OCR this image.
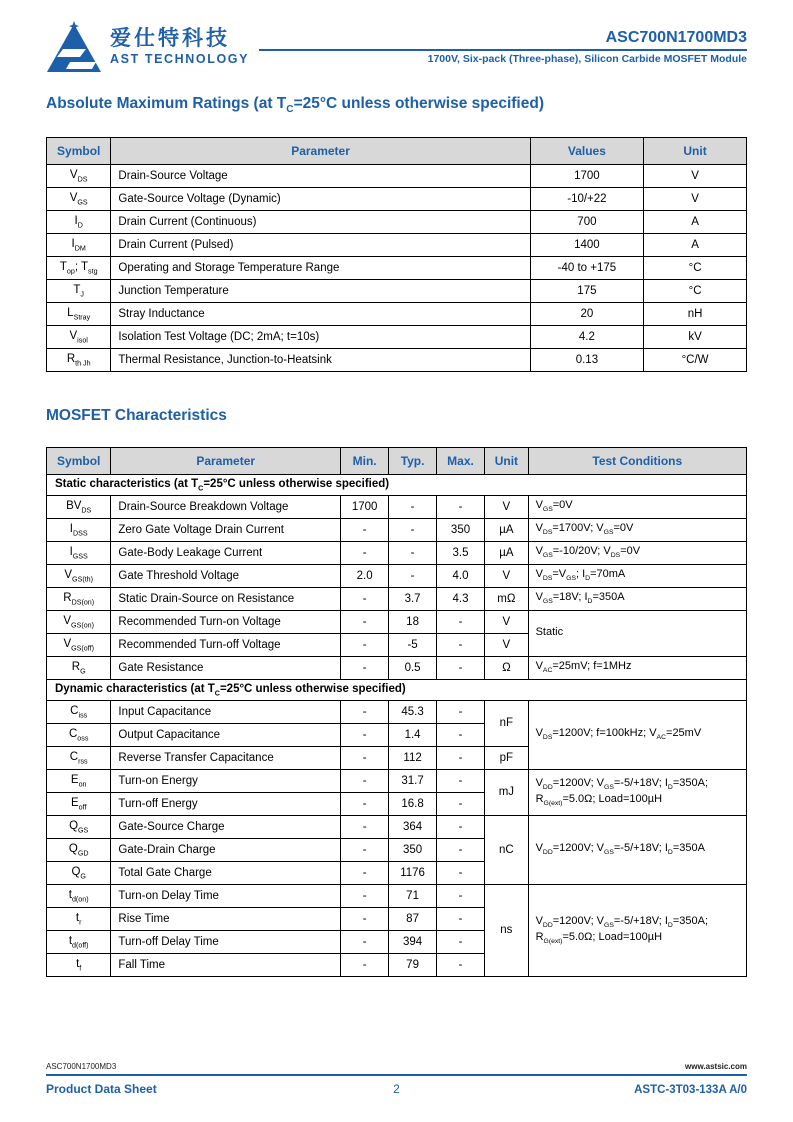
爱仕特科技
AST TECHNOLOGY
ASC700N1700MD3
1700V, Six-pack (Three-phase), Silicon Carbide MOSFET Module
Absolute Maximum Ratings (at $T_C=25^\circ C$ unless otherwise specified)
Symbol	Parameter	Values	Unit
$V_{DS}$	Drain-Source Voltage	1700	V
$V_{GS}$	Gate-Source Voltage (Dynamic)	-10/+22	V
$I_D$	Drain Current (Continuous)	700	A
$I_{DM}$	Drain Current (Pulsed)	1400	A
$T_{op}$; $T_{stg}$	Operating and Storage Temperature Range	-40 to +175	°C
$T_J$	Junction Temperature	175	°C
$L_{Stray}$	Stray Inductance	20	nH
$V_{isol}$	Isolation Test Voltage (DC; 2mA; t=10s)	4.2	kV
$R_{th Jh}$	Thermal Resistance, Junction-to-Heatsink	0.13	°C/W
MOSFET Characteristics
Symbol	Parameter	Min.	Typ.	Max.	Unit	Test Conditions
Static characteristics (at $T_C=25^\circ C$ unless otherwise specified)						
$BV_{DS}$	Drain-Source Breakdown Voltage	1700	-	-	V	$V_{GS}=0V$
$I_{DSS}$	Zero Gate Voltage Drain Current	-	-	350	µA	$V_{DS}=1700V$; $V_{GS}=0V$
$I_{GSS}$	Gate-Body Leakage Current	-	-	3.5	µA	$V_{GS}=-10/20V$; $V_{DS}=0V$
$V_{GS(th)}$	Gate Threshold Voltage	2.0	-	4.0	V	$V_{DS}=V_{GS}$; $I_D=70mA$
$R_{DS(on)}$	Static Drain-Source on Resistance	-	3.7	4.3	mΩ	$V_{GS}=18V$; $I_D=350A$
$V_{GS(on)}$	Recommended Turn-on Voltage	-	18	-	V	Static
$V_{GS(off)}$	Recommended Turn-off Voltage	-	-5	-	V	
$R_G$	Gate Resistance	-	0.5	-	Ω	$V_{AC}=25mV$; f=1MHz
Dynamic characteristics (at $T_C=25^\circ C$ unless otherwise specified)						
$C_{iss}$	Input Capacitance	-	45.3	-	nF	$V_{DS}=1200V$; f=100kHz; $V_{AC}=25mV$
$C_{oss}$	Output Capacitance	-	1.4	-		
$C_{rss}$	Reverse Transfer Capacitance	-	112	-	pF	
$E_{on}$	Turn-on Energy	-	31.7	-	mJ	$V_{DD}=1200V$; $V_{GS}=-5/+18V$; $I_D=350A$; $R_{G(ext)}=5.0\Omega$; Load=100µH
$E_{off}$	Turn-off Energy	-	16.8	-		
$Q_{GS}$	Gate-Source Charge	-	364	-	nC	$V_{DD}=1200V$; $V_{GS}=-5/+18V$; $I_D=350A$
$Q_{GD}$	Gate-Drain Charge	-	350	-		
$Q_G$	Total Gate Charge	-	1176	-		
$t_{d(on)}$	Turn-on Delay Time	-	71	-	ns	$V_{DD}=1200V$; $V_{GS}=-5/+18V$; $I_D=350A$; $R_{G(ext)}=5.0\Omega$; Load=100µH
$t_r$	Rise Time	-	87	-		
$t_{d(off)}$	Turn-off Delay Time	-	394	-		
$t_f$	Fall Time	-	79	-		
ASC700N1700MD3	www.astsic.com
Product Data Sheet	2	ASTC-3T03-133A A/0
